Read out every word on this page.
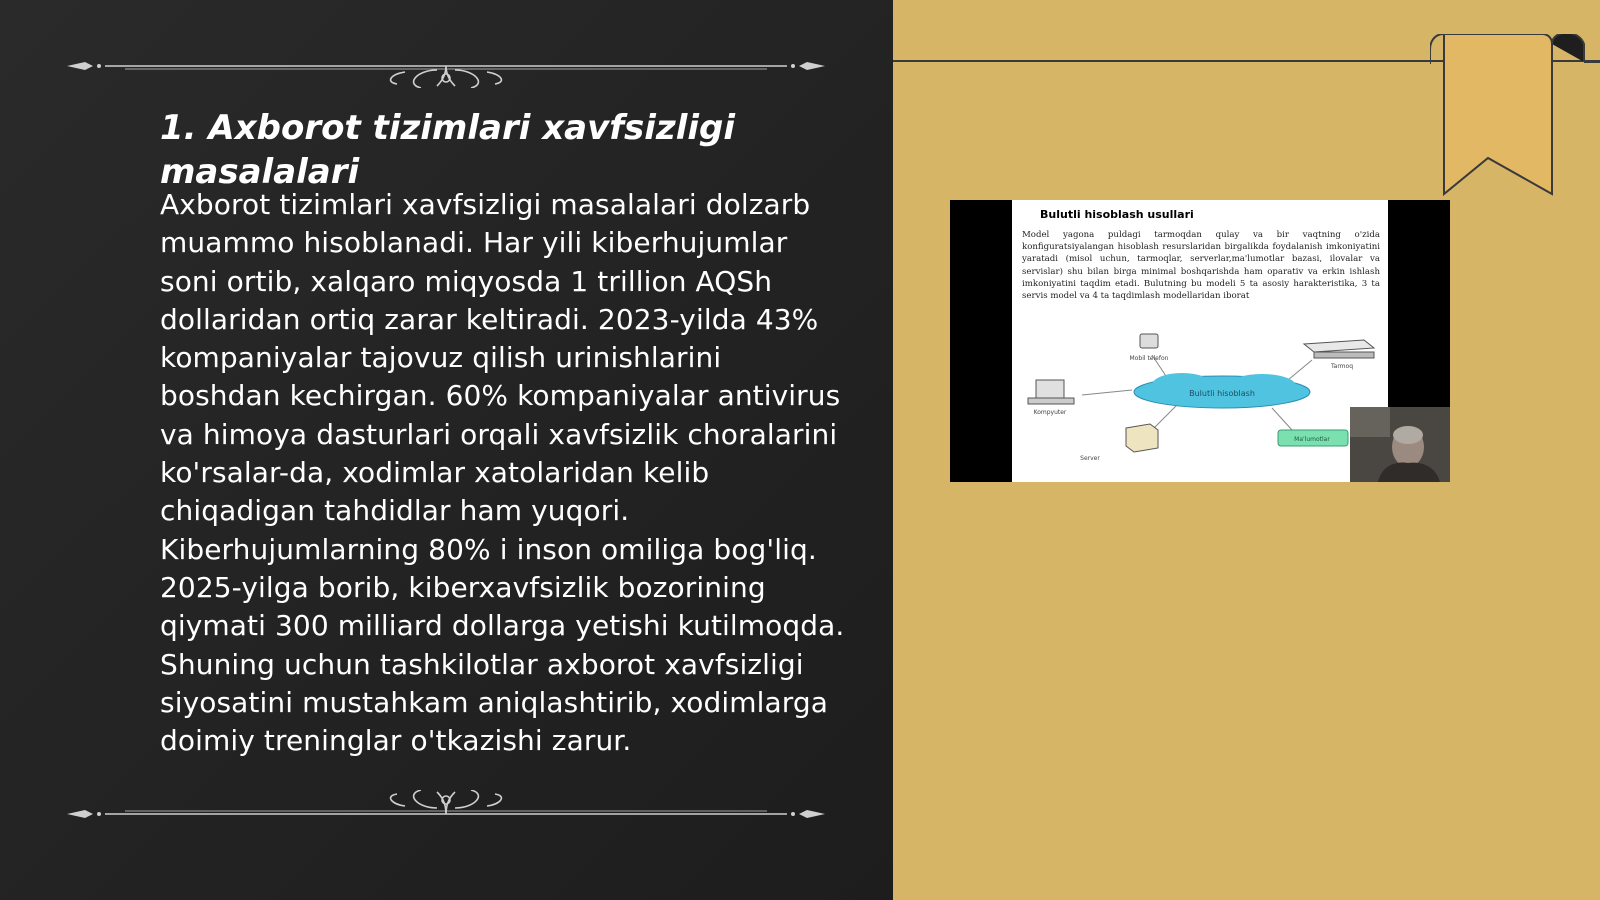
1. Axborot tizimlari xavfsizligi masalalari

Axborot tizimlari xavfsizligi masalalari dolzarb muammo hisoblanadi. Har yili kiberhujumlar soni ortib, xalqaro miqyosda 1 trillion AQSh dollaridan ortiq zarar keltiradi. 2023-yilda 43% kompaniyalar tajovuz qilish urinishlarini boshdan kechirgan. 60% kompaniyalar antivirus va himoya dasturlari orqali xavfsizlik choralarini ko'rsalar-da, xodimlar xatolaridan kelib chiqadigan tahdidlar ham yuqori. Kiberhujumlarning 80% i inson omiliga bog'liq. 2025-yilga borib, kiberxavfsizlik bozorining qiymati 300 milliard dollarga yetishi kutilmoqda. Shuning uchun tashkilotlar axborot xavfsizligi siyosatini mustahkam aniqlashtirib, xodimlarga doimiy treninglar o'tkazishi zarur.

Bulutli hisoblash usullari

Model yagona puldagi tarmoqdan qulay va bir vaqtning o'zida konfiguratsiyalangan hisoblash resurslaridan birgalikda foydalanish imkoniyatini yaratadi (misol uchun, tarmoqlar, serverlar,ma'lumotlar bazasi, ilovalar va servislar) shu bilan birga minimal boshqarishda ham oparativ va erkin ishlash imkoniyatini taqdim etadi. Bulutning bu modeli 5 ta asosiy harakteristika, 3 ta servis model va 4 ta taqdimlash modellaridan iborat

Bulutli hisoblash
Mobil telefon
Tarmoq
Kompyuter
Server
Ma'lumotlar
